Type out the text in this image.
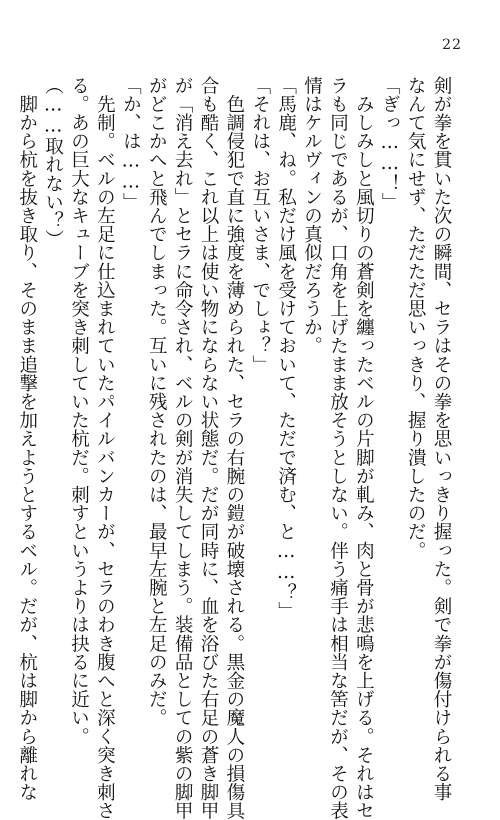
22
剣が拳を貫いた次の瞬間、セラはその拳を思いっきり握った。剣で拳が傷付けられる事
なんて気にせず、ただただ思いっきり、握り潰したのだ。
「ぎっ……！」
　みしみしと風切りの蒼剣を纏ったベルの片脚が軋み、肉と骨が悲鳴を上げる。それはセ
ラも同じであるが、口角を上げたまま放そうとしない。伴う痛手は相当な筈だが、その表
情はケルヴィンの真似だろうか。
「馬鹿、ね。私だけ風を受けておいて、ただで済む、と……？」
「それは、お互いさま、でしょ？」
　色調侵犯で直に強度を薄められた、セラの右腕の鎧が破壊される。黒金の魔人の損傷具
合も酷く、これ以上は使い物にならない状態だ。だが同時に、血を浴びた右足の蒼き脚甲
が「消え去れ」とセラに命令され、ベルの剣が消失してしまう。装備品としての紫の脚甲
がどこかへと飛んでしまった。互いに残されたのは、最早左腕と左足のみだ。
「か、は……」
　先制。ベルの左足に仕込まれていたパイルバンカーが、セラのわき腹へと深く突き刺さ
る。あの巨大なキューブを突き刺していた杭だ。刺すというよりは抉るに近い。
（……取れない？）
　脚から杭を抜き取り、そのまま追撃を加えようとするベル。だが、杭は脚から離れな
